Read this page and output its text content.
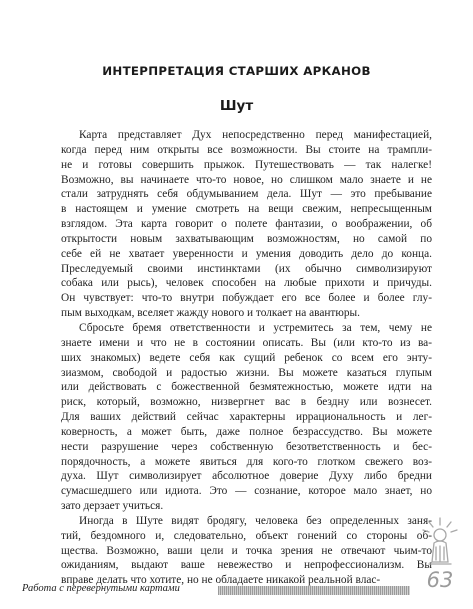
ИНТЕРПРЕТАЦИЯ СТАРШИХ АРКАНОВ
Шут
Карта представляет Дух непосредственно перед манифестацией,
когда перед ним открыты все возможности. Вы стоите на трампли-
не и готовы совершить прыжок. Путешествовать — так налегке!
Возможно, вы начинаете что-то новое, но слишком мало знаете и не
стали затруднять себя обдумыванием дела. Шут — это пребывание
в настоящем и умение смотреть на вещи свежим, непресыщенным
взглядом. Эта карта говорит о полете фантазии, о воображении, об
открытости новым захватывающим возможностям, но самой по
себе ей не хватает уверенности и умения доводить дело до конца.
Преследуемый своими инстинктами (их обычно символизируют
собака или рысь), человек способен на любые прихоти и причуды.
Он чувствует: что-то внутри побуждает его все более и более глу-
пым выходкам, вселяет жажду нового и толкает на авантюры.
Сбросьте бремя ответственности и устремитесь за тем, чему не
знаете имени и что не в состоянии описать. Вы (или кто-то из ва-
ших знакомых) ведете себя как сущий ребенок со всем его энту-
зиазмом, свободой и радостью жизни. Вы можете казаться глупым
или действовать с божественной безмятежностью, можете идти на
риск, который, возможно, низвергнет вас в бездну или вознесет.
Для ваших действий сейчас характерны иррациональность и лег-
коверность, а может быть, даже полное безрассудство. Вы можете
нести разрушение через собственную безответственность и бес-
порядочность, а можете явиться для кого-то глотком свежего воз-
духа. Шут символизирует абсолютное доверие Духу либо бредни
сумасшедшего или идиота. Это — сознание, которое мало знает, но
зато дерзает учиться.
Иногда в Шуте видят бродягу, человека без определенных заня-
тий, бездомного и, следовательно, объект гонений со стороны об-
щества. Возможно, ваши цели и точка зрения не отвечают чьим-то
ожиданиям, выдают ваше невежество и непрофессионализм. Вы
вправе делать что хотите, но не обладаете никакой реальной влас-	63
Работа с перевернутыми картами
